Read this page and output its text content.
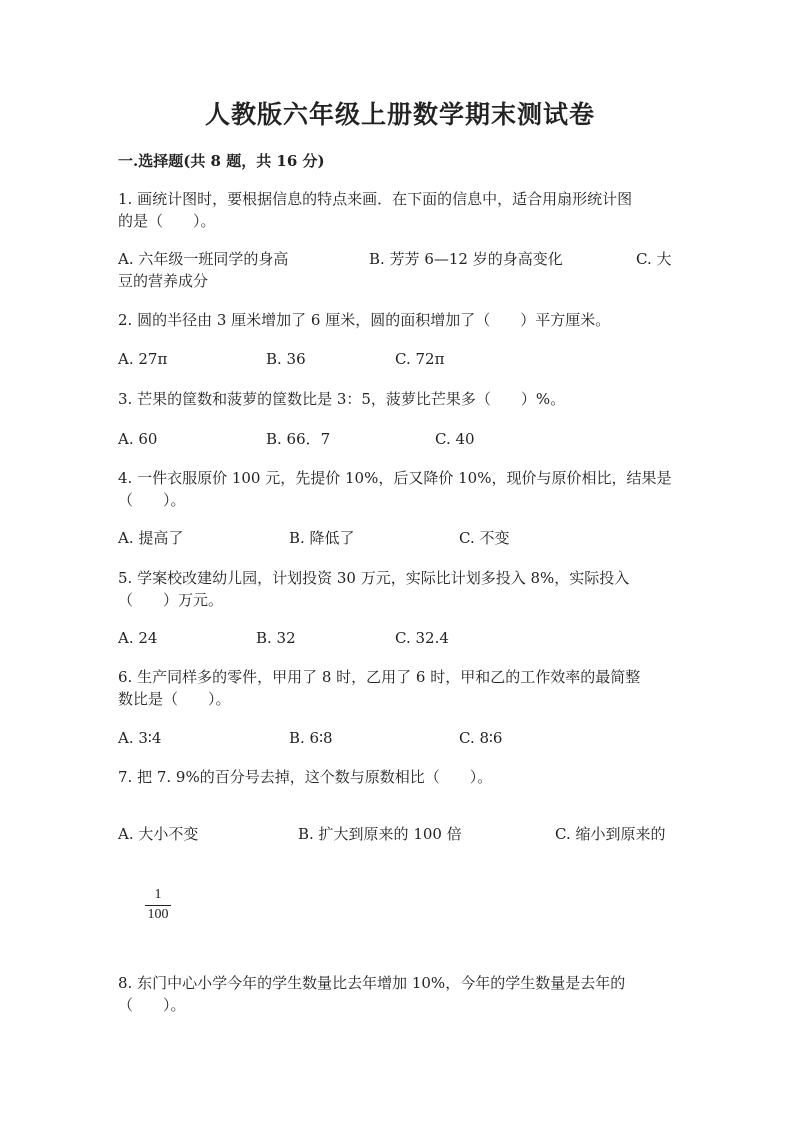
人教版六年级上册数学期末测试卷
一.选择题(共 8 题，共 16 分)
1. 画统计图时，要根据信息的特点来画．在下面的信息中，适合用扇形统计图
的是（　　）。
A. 六年级一班同学的身高	B. 芳芳 6—12 岁的身高变化	C. 大
豆的营养成分
2. 圆的半径由 3 厘米增加了 6 厘米，圆的面积增加了（　　）平方厘米。
A. 27π	B. 36	C. 72π
3. 芒果的筐数和菠萝的筐数比是 3：5，菠萝比芒果多（　　）%。
A. 60	B. 66．7	C. 40
4. 一件衣服原价 100 元，先提价 10%，后又降价 10%，现价与原价相比，结果是
（　　）。
A. 提高了	B. 降低了	C. 不变
5. 学案校改建幼儿园，计划投资 30 万元，实际比计划多投入 8%，实际投入
（　　）万元。
A. 24	B. 32	C. 32.4
6. 生产同样多的零件，甲用了 8 时，乙用了 6 时，甲和乙的工作效率的最简整
数比是（　　）。
A. 3∶4	B. 6∶8	C. 8∶6
7. 把 7. 9%的百分号去掉，这个数与原数相比（　　）。
A. 大小不变	B. 扩大到原来的 100 倍	C. 缩小到原来的
$\frac{1}{100}$
8. 东门中心小学今年的学生数量比去年增加 10%，今年的学生数量是去年的
（　　）。
